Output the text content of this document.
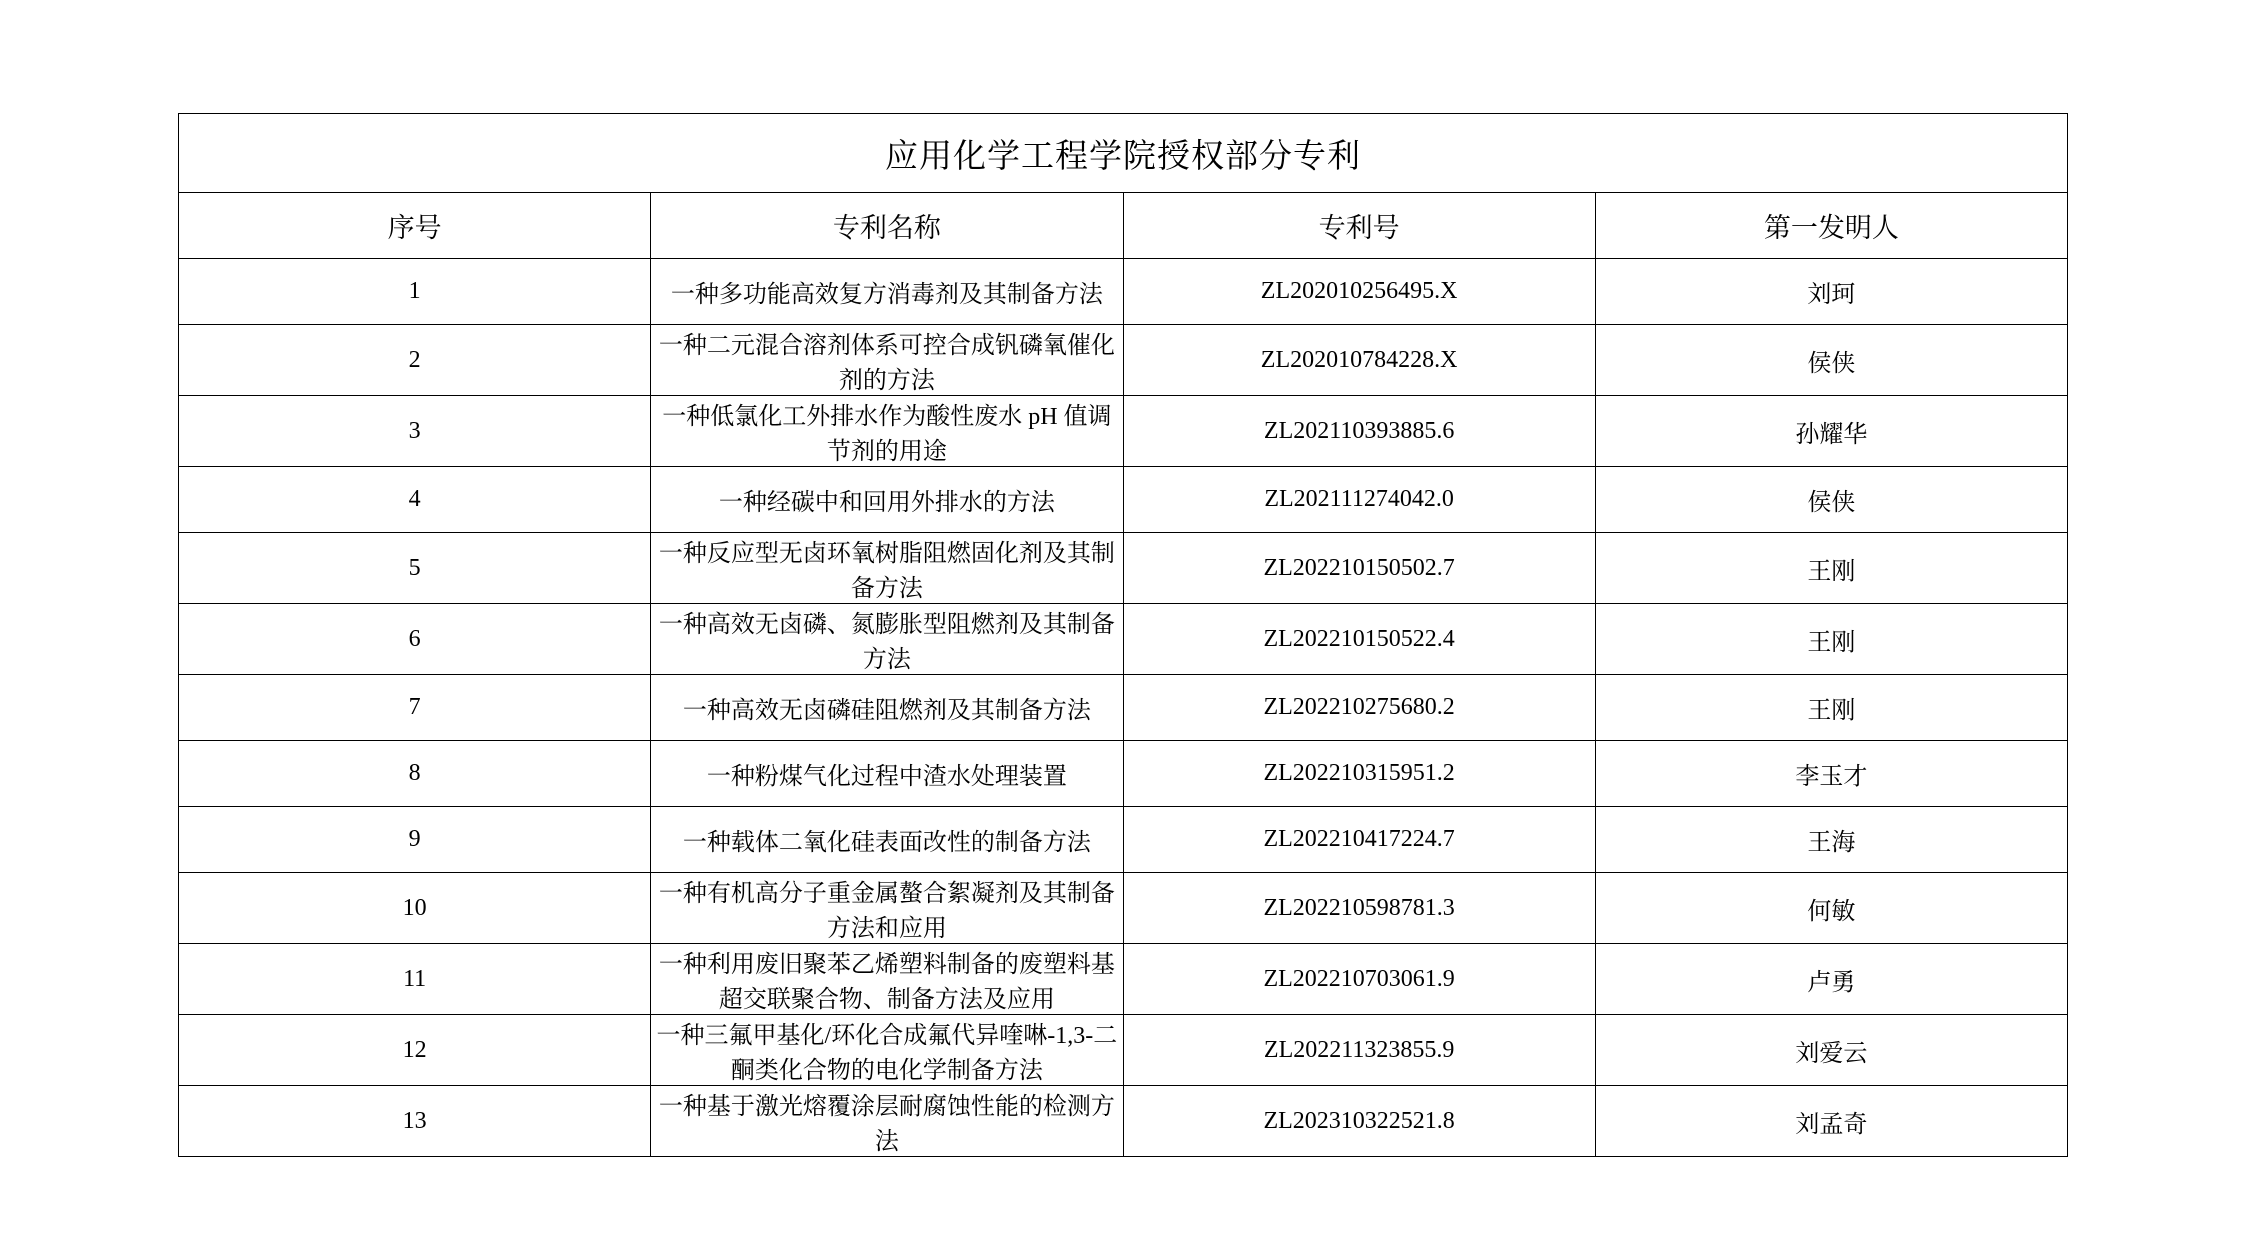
应用化学工程学院授权部分专利			
序号	专利名称	专利号	第一发明人
1	一种多功能高效复方消毒剂及其制备方法	ZL202010256495.X	刘珂
2	一种二元混合溶剂体系可控合成钒磷氧催化剂的方法	ZL202010784228.X	侯侠
3	一种低氯化工外排水作为酸性废水 pH 值调节剂的用途	ZL202110393885.6	孙耀华
4	一种经碳中和回用外排水的方法	ZL202111274042.0	侯侠
5	一种反应型无卤环氧树脂阻燃固化剂及其制备方法	ZL202210150502.7	王刚
6	一种高效无卤磷、氮膨胀型阻燃剂及其制备方法	ZL202210150522.4	王刚
7	一种高效无卤磷硅阻燃剂及其制备方法	ZL202210275680.2	王刚
8	一种粉煤气化过程中渣水处理装置	ZL202210315951.2	李玉才
9	一种载体二氧化硅表面改性的制备方法	ZL202210417224.7	王海
10	一种有机高分子重金属螯合絮凝剂及其制备方法和应用	ZL202210598781.3	何敏
11	一种利用废旧聚苯乙烯塑料制备的废塑料基超交联聚合物、制备方法及应用	ZL202210703061.9	卢勇
12	一种三氟甲基化/环化合成氟代异喹啉-1,3-二酮类化合物的电化学制备方法	ZL202211323855.9	刘爱云
13	一种基于激光熔覆涂层耐腐蚀性能的检测方法	ZL202310322521.8	刘孟奇
